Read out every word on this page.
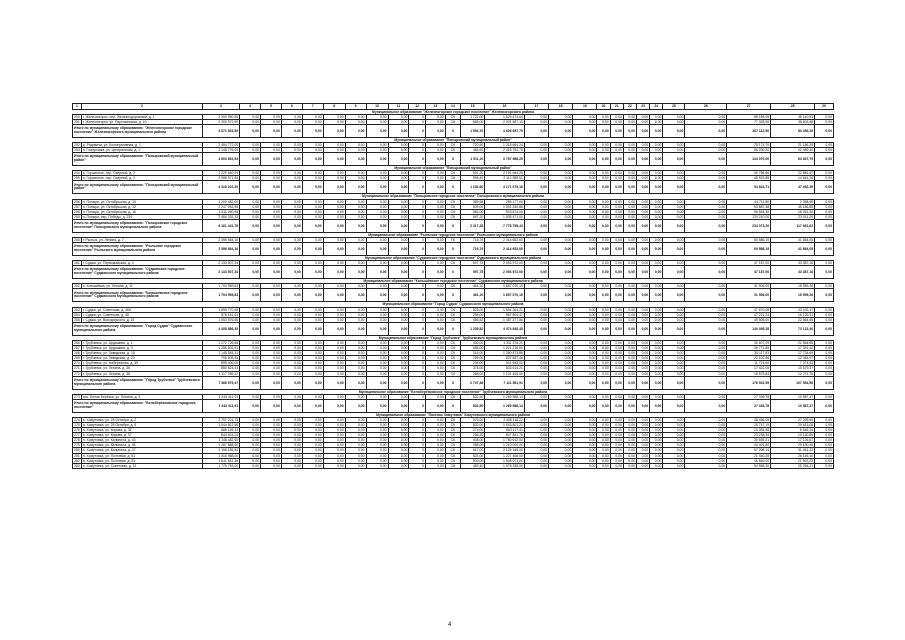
1	2	3	4	5	6	7	8	9	10	11	12	13	14	15	16	17	18	19	20	21	22	23	24	25	26	27	28	29
Муниципальное образование "Железногорское городское поселение" Железногорского района																												
250	г. Железногорск, пер. Железнодорожный, д. 1	2 300 950,50	0,00	0,00	0,00	0,00	0,00	0,00	0,00	0,00	0	0,00	СК	1 722,00	1 625 474,64	0,00	0,00	0,00	0,00	0,00	0,00	0,00	0,00	0,00	0,00	88 185,05	45 140,81	0,00
251	г. Железногорск, ул. Партизанская, д. 10	2 300 572,90	0,00	0,00	0,00	0,00	0,00	0,00	0,00	0,00	0	0,00	СК	685,00	2 001 587,15	0,00	0,00	0,00	0,00	0,00	0,00	0,00	0,00	0,00	0,00	77 328,90	38 603,48	0,00
Итого по муниципальному образованию: "Железногорское городское поселение" Железногорского муниципального района		4 571 523,50	0,00	0,00	0,00	0,00	0,00	0,00	0,00	0,00	0	0,00	X	1 594,70	4 626 657,79	0,00	0,00	0,00	0,00	0,00	0,00	0,00	0,00	0,00	0,00	167 112,50	83 456,29	0,00
Муниципальное образование "Поныровский муниципальный район"																												
252	д. Рядовичи, ул. Кооперативная, д. 1	2 454 772,00	0,00	0,00	0,00	0,00	0,00	0,00	0,00	0,00	0	0,00	СК	720,50	1 318 664,24	0,00	0,00	0,00	0,00	0,00	0,00	0,00	0,00	0,00	0,00	78 174,70	21 186,39	0,00
253	п. Глазуновка, ул. Центральная, д. 1	2 148 776,00	0,00	0,00	0,00	0,00	0,00	0,00	0,00	0,00	0	0,00	СК	484,60	2 416 792,79	0,00	0,00	0,00	0,00	0,00	0,00	0,00	0,00	0,00	0,00	56 230,20	42 489,40	0,00
Итого по муниципальному образованию: "Поныровский муниципальный район"		4 603 661,54	0,00	0,00	0,00	0,00	0,00	0,00	0,00	0,00	0	0,00	X	1 911,10	3 787 988,25	0,00	0,00	0,00	0,00	0,00	0,00	0,00	0,00	0,00	0,00	134 070,00	63 637,79	0,00
Муниципальное образование "Поныровский муниципальный район"																												
254	п. Горшечное, пер. Озёрный, д. 2	2 229 540,20	0,00	0,00	0,00	0,00	0,00	0,00	0,00	0,00	0	0,00	СК	591,20	2 191 684,25	0,00	0,00	0,00	0,00	0,00	0,00	0,00	0,00	0,00	0,00	45 766,66	22 881,67	0,00
255	п. Горшечное, пер. Озёрный, д. 3	2 088 571,84	0,00	0,00	0,00	0,00	0,00	0,00	0,00	0,00	0	0,00	СК	596,40	2 112 985,01	0,00	0,00	0,00	0,00	0,00	0,00	0,00	0,00	0,00	0,00	48 923,85	14 661,26	0,00
Итого по муниципальному образованию: "Поныровский муниципальный район"		4 318 222,20	0,00	0,00	0,00	0,00	0,00	0,00	0,00	0,00	0	0,00	X	1 182,60	4 171 075,16	0,00	0,00	0,00	0,00	0,00	0,00	0,00	0,00	0,00	0,00	94 624,71	47 492,39	0,00
Муниципальное образование "Поныровское городское поселение" Поныровского муниципального района																												
256	п. Поныри, ул. Октябрьская, д. 10	1 200 482,00	0,00	0,00	0,00	0,00	0,00	0,00	0,00	0,00	0	0,00	СК	389,58	285 177,00	0,00	0,00	0,00	0,00	0,00	0,00	0,00	0,00	0,00	0,00	44 711,80	2 358,95	0,00
257	п. Поныри, ул. Октябрьская, д. 12	2 247 052,98	0,00	0,00	0,00	0,00	0,00	0,00	0,00	0,00	0	0,00	СК	609,00	1 591 330,86	0,00	0,00	0,00	0,00	0,00	0,00	0,00	0,00	0,00	0,00	53 687,38	45 186,85	0,00
258	п. Поныри, ул. Октябрьская, д. 16	1 511 260,96	0,00	0,00	0,00	0,00	0,00	0,00	0,00	0,00	0	0,00	СК	382,00	903 874,06	0,00	0,00	0,00	0,00	0,00	0,00	0,00	0,00	0,00	0,00	96 554,30	18 052,30	0,00
259	п. Поныри, пер. Победы, д. 234	2 460 332,33	0,00	0,00	0,00	0,00	0,00	0,00	0,00	0,00	0	0,00	СК	667,20	1 835 471,00	0,00	0,00	0,00	0,00	0,00	0,00	0,00	0,00	0,00	0,00	120 210,00	23 011,20	0,00
Итого по муниципальному образованию: "Поныровское городское поселение" Поныровского муниципального района		8 161 441,76	0,00	0,00	0,00	0,00	0,00	0,00	0,00	0,00	0	0,00	X	2 317,28	7 778 798,44	0,00	0,00	0,00	0,00	0,00	0,00	0,00	0,00	0,00	0,00	234 073,20	117 661,62	0,00
Муниципальное образование "Рыльское городское поселение" Рыльского муниципального района																												
260	г. Рыльск, ул. Ленина, д. 7	2 396 664,16	0,00	0,00	0,00	0,00	0,00	0,00	0,00	0,00	0	0,00	ГК	716,79	2 414 652,00	0,00	0,00	0,00	0,00	0,00	0,00	0,00	0,00	0,00	0,00	60 586,19	41 664,05	0,00
Итого по муниципальному образованию: "Рыльское городское поселение" Рыльского муниципального района		2 396 664,16	0,00	0,00	0,00	0,00	0,00	0,00	0,00	0,00	0	0,00	X	716,79	2 414 652,00	0,00	0,00	0,00	0,00	0,00	0,00	0,00	0,00	0,00	0,00	60 586,19	41 664,05	0,00
Муниципальное образование "Суджанское городское поселение" Суджанского муниципального района																												
261	г. Суджа, ул. Первомайская, д. 4	2 133 507,34	0,00	0,00	0,00	0,00	0,00	0,00	0,00	0,00	0	0,00	СК	597,75	2 053 972,00	0,00	0,00	0,00	0,00	0,00	0,00	0,00	0,00	0,00	0,00	47 187,00	33 387,16	0,00
Итого по муниципальному образованию: "Суджанское городское поселение" Суджанского муниципального района		2 133 507,34	0,00	0,00	0,00	0,00	0,00	0,00	0,00	0,00	0	0,00	X	597,75	2 053 972,00	0,00	0,00	0,00	0,00	0,00	0,00	0,00	0,00	0,00	0,00	47 187,00	33 387,16	0,00
Муниципальное образование "Конышёвское городское поселение" Суджанского муниципального района																												
262	п. Конышёвка, ул. Ленина, д. 11	1 704 959,83	0,00	0,00	0,00	0,00	0,00	0,00	0,00	0,00	0	0,00	СК	461,10	1 657 070,10	0,00	0,00	0,00	0,00	0,00	0,00	0,00	0,00	0,00	0,00	31 506,00	18 959,26	0,00
Итого по муниципальному образованию: "Конышёвское городское поселение" Суджанского муниципального района		1 704 959,83	0,00	0,00	0,00	0,00	0,00	0,00	0,00	0,00	0	0,00	X	461,10	1 657 070,10	0,00	0,00	0,00	0,00	0,00	0,00	0,00	0,00	0,00	0,00	31 506,00	18 959,26	0,00
Муниципальное образование "Город Суджа" Суджанского муниципального района																												
263	г. Суджа, ул. Советская, д. 46А	1 895 770,08	0,00	0,00	0,00	0,00	0,00	0,00	0,00	0,00	0	0,00	СК	528,00	1 894 264,21	0,00	0,00	0,00	0,00	0,00	0,00	0,00	0,00	0,00	0,00	47 670,08	33 432,47	0,00
264	г. Суджа, ул. Советская, д. 48	878 161,61	0,00	0,00	0,00	0,00	0,00	0,00	0,00	0,00	0	0,00	СК	255,00	957 804,47	0,00	0,00	0,00	0,00	0,00	0,00	0,00	0,00	0,00	0,00	47 221,24	16 125,31	0,00
265	г. Суджа, ул. Володарского, д. 24	1 553 576,85	0,00	0,00	0,00	0,00	0,00	0,00	0,00	0,00	0	0,00	СК	456,52	1 487 377,86	0,00	0,00	0,00	0,00	0,00	0,00	0,00	0,00	0,00	0,00	45 505,00	22 564,65	0,00
Итого по муниципальному образованию: "Город Суджа" Суджанского муниципального района		4 408 886,35	0,00	0,00	0,00	0,00	0,00	0,00	0,00	0,00	0	0,00	X	1 239,52	4 374 846,45	0,00	0,00	0,00	0,00	0,00	0,00	0,00	0,00	0,00	0,00	140 395,28	73 122,40	0,00
Муниципальное образование "Город Трубчевск" Трубчевского муниципального района																												
266	г. Трубчевск, ул. Ардашева, д. 1	1 272 726,65	0,00	0,00	0,00	0,00	0,00	0,00	0,00	0,00	0	0,00	СК	430,00	1 311 378,20	0,00	0,00	0,00	0,00	0,00	0,00	0,00	0,00	0,00	0,00	30 607,29	22 564,65	0,00
267	г. Трубчевск, ул. Ардашева, д. 3	1 286 502,51	0,00	0,00	0,00	0,00	0,00	0,00	0,00	0,00	0	0,00	СК	456,00	1 021 216,00	0,00	0,00	0,00	0,00	0,00	0,00	0,00	0,00	0,00	0,00	30 771,85	17 351,42	0,00
268	г. Трубчевск, ул. Заводская, д. 18	1 148 545,31	0,00	0,00	0,00	0,00	0,00	0,00	0,00	0,00	0	0,00	СК	316,00	1 350 873,88	0,00	0,00	0,00	0,00	0,00	0,00	0,00	0,00	0,00	0,00	30 117,83	17 734,69	0,00
269	г. Трубчевск, ул. Заводская, д. 20	795 505,35	0,00	0,00	0,00	0,00	0,00	0,00	0,00	0,00	0	0,00	СК	295,00	837 837,46	0,00	0,00	0,00	0,00	0,00	0,00	0,00	0,00	0,00	0,00	22 102,86	12 454,97	0,00
270	г. Трубчевск, ул. Набережная, д. 35	895 406,00	0,00	0,00	0,00	0,00	0,00	0,00	0,00	0,00	0	0,00	СК	294,00	811 653,00	0,00	0,00	0,00	0,00	0,00	0,00	0,00	0,00	0,00	0,00	11 774,60	7 074,93	0,00
271	г. Трубчевск, ул. Ленина, д. 36	850 824,41	0,00	0,00	0,00	0,00	0,00	0,00	0,00	0,00	0	0,00	СК	378,00	833 614,21	0,00	0,00	0,00	0,00	0,00	0,00	0,00	0,00	0,00	0,00	17 422,05	10 679,37	0,00
272	г. Трубчевск, ул. Ленина, д. 38	1 117 256,12	0,00	0,00	0,00	0,00	0,00	0,00	0,00	0,00	0	0,00	СК	288,00	1 101 408,00	0,00	0,00	0,00	0,00	0,00	0,00	0,00	0,00	0,00	0,00	18 575,84	12 271,76	0,00
Итого по муниципальному образованию: "Город Трубчевск" Трубчевского муниципального района		7 366 975,47	0,00	0,00	0,00	0,00	0,00	0,00	0,00	0,00	0	0,00	X	2 747,48	7 111 981,91	0,00	0,00	0,00	0,00	0,00	0,00	0,00	0,00	0,00	0,00	176 922,55	107 554,58	0,00
Муниципальное образование "Белоберёзковское городское поселение" Трубчевского муниципального района																												
273	пос. Белая Берёзка, ул. Ленина, д. 3	1 243 411,91	0,00	0,00	0,00	0,00	0,00	0,00	0,00	0,00	0	0,00	СК	532,50	1 269 988,14	0,00	0,00	0,00	0,00	0,00	0,00	0,00	0,00	0,00	0,00	27 336,78	10 587,47	0,00
Итого по муниципальному образованию: "Белоберёзковское городское поселение"		1 243 411,91	0,00	0,00	0,00	0,00	0,00	0,00	0,00	0,00	0	0,00	X	532,50	1 269 988,14	0,00	0,00	0,00	0,00	0,00	0,00	0,00	0,00	0,00	0,00	27 336,78	10 587,47	0,00
Муниципальное образование "Поселок Хомутовка" Хомутовского муниципального района																												
274	п. Хомутовка, ул. 25 Октября, д. 2	2 757 221,73	0,00	0,00	0,00	0,00	0,00	0,00	0,00	0,00	0	0,00	СК	576,00	2 358 118,22	0,00	0,00	0,00	0,00	0,00	0,00	0,00	0,00	0,00	0,00	48 456,05	27 299,65	0,00
275	п. Хомутовка, ул. 25 Октября, д. 5	1 044 812,56	0,00	0,00	0,00	0,00	0,00	0,00	0,00	0,00	0	0,00	СК	832,00	1 043 801,21	0,00	0,00	0,00	0,00	0,00	0,00	0,00	0,00	0,00	0,00	15 747,19	20 613,08	0,00
276	п. Хомутовка, ул. Кирова, д. 35	686 145,34	0,00	0,00	0,00	0,00	0,00	0,00	0,00	0,00	0	0,00	СК	274,00	863 117,41	0,00	0,00	0,00	0,00	0,00	0,00	0,00	0,00	0,00	0,00	14 081,48	8 846,24	0,00
277	п. Хомутовка, ул. Кирова, д. 37	844 624,24	0,00	0,00	0,00	0,00	0,00	0,00	0,00	0,00	0	0,00	СК	256,20	847 841,76	0,00	0,00	0,00	0,00	0,00	0,00	0,00	0,00	0,00	0,00	23 238,34	10 130,89	0,00
278	п. Хомутовка, ул. Калинина, д. 43	1 148 482,50	0,00	0,00	0,00	0,00	0,00	0,00	0,00	0,00	0	0,00	СК	448,00	1 780 612,00	0,00	0,00	0,00	0,00	0,00	0,00	0,00	0,00	0,00	0,00	30 695,21	17 126,67	0,00
279	п. Хомутовка, ул. Калинина, д. 45	1 287 888,00	0,00	0,00	0,00	0,00	0,00	0,00	0,00	0,00	0	0,00	СК	388,00	1 210 000,00	0,00	0,00	0,00	0,00	0,00	0,00	0,00	0,00	0,00	0,00	44 401,80	20 130,45	0,00
280	п. Хомутовка, ул. Калинина, д. 47	2 198 185,52	0,00	0,00	0,00	0,00	0,00	0,00	0,00	0,00	0	0,00	СК	617,00	2 125 168,00	0,00	0,00	0,00	0,00	0,00	0,00	0,00	0,00	0,00	0,00	57 208,14	31 461,22	0,00
281	п. Хомутовка, ул. Почтовая, д. 51	1 318 988,00	0,00	0,00	0,00	0,00	0,00	0,00	0,00	0,00	0	0,00	СК	524,00	1 227 466,00	0,00	0,00	0,00	0,00	0,00	0,00	0,00	0,00	0,00	0,00	21 440,25	26 145,10	0,00
282	п. Хомутовка, ул. Почтовая, д. 53	1 641 641,36	0,00	0,00	0,00	0,00	0,00	0,00	0,00	0,00	0	0,00	СК	500,00	1 548 071,00	0,00	0,00	0,00	0,00	0,00	0,00	0,00	0,00	0,00	0,00	46 846,00	21 503,23	0,00
283	п. Хомутовка, ул. Советская, д. 11	1 778 753,00	0,00	0,00	0,00	0,00	0,00	0,00	0,00	0,00	0	0,00	СК	482,40	1 578 335,05	0,00	0,00	0,00	0,00	0,00	0,00	0,00	0,00	0,00	0,00	54 558,30	25 284,21	0,00
4
